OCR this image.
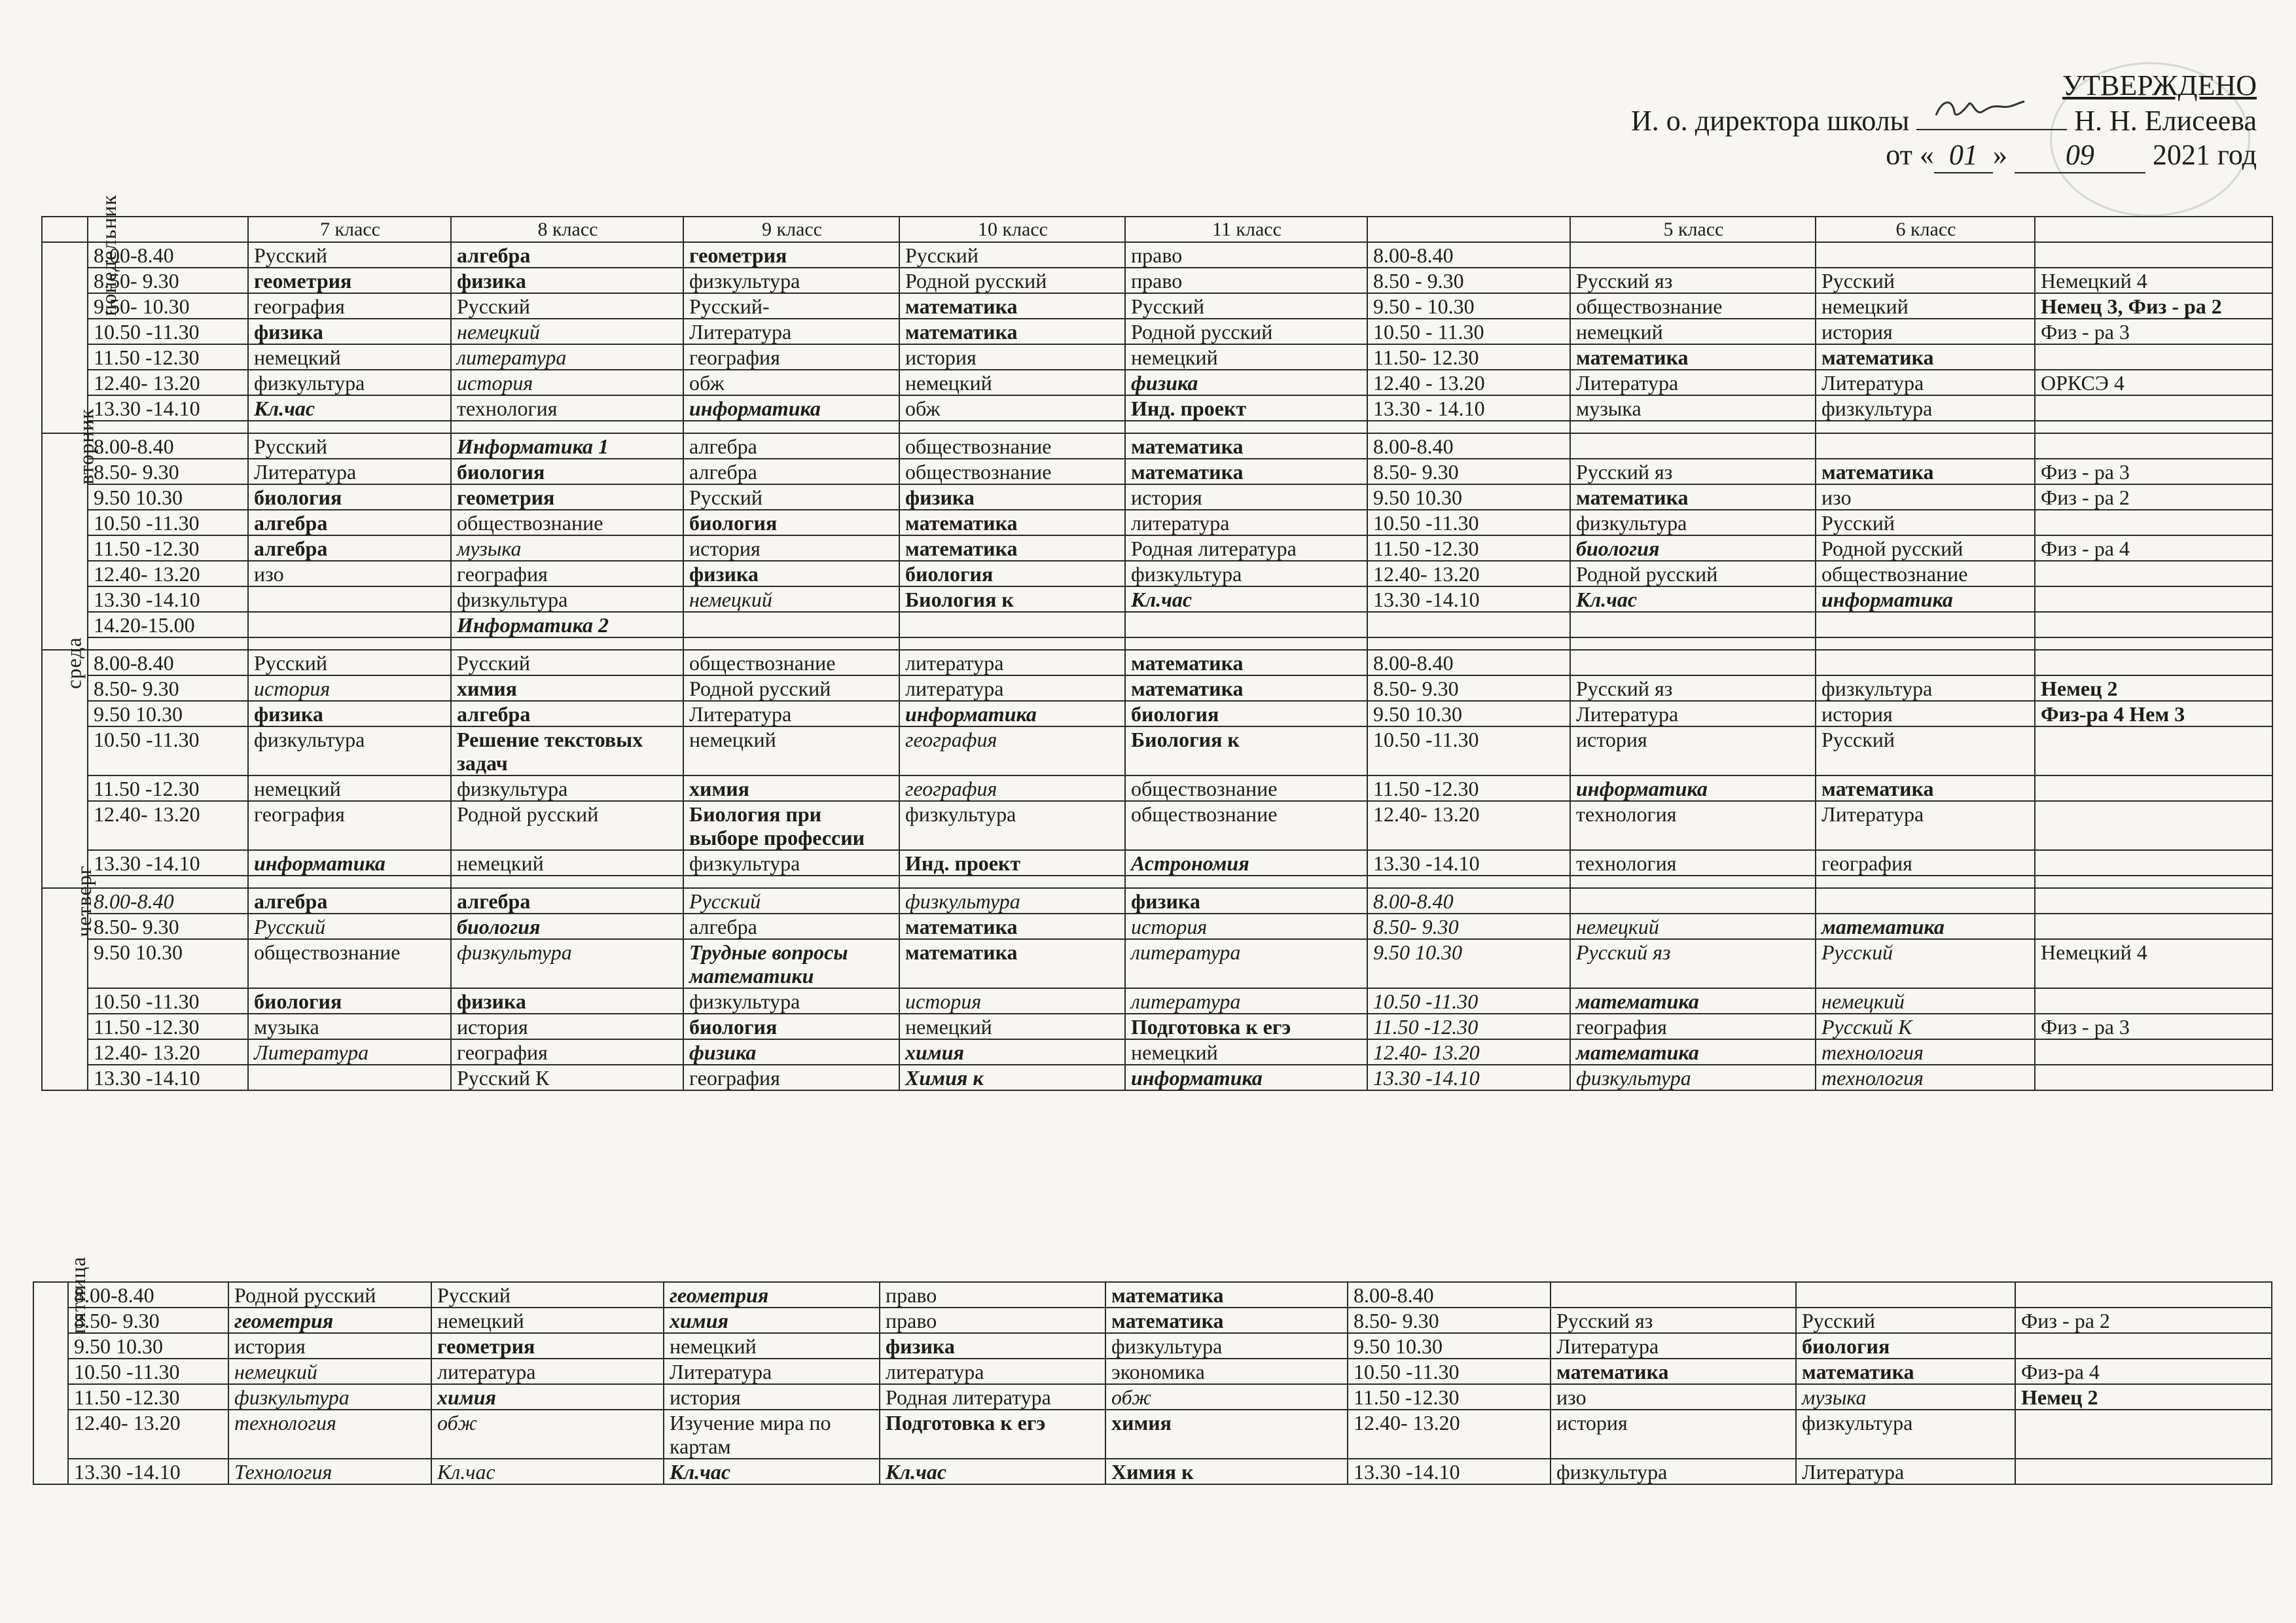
УТВЕРЖДЕНО
И. о. директора школы	Н. Н. Елисеева
от « 01 » 09 2021 год
		7 класс	8 класс	9 класс	10 класс	11 класс		5 класс	6 класс	
понедельник	8.00-8.40	Русский	алгебра	геометрия	Русский	право	8.00-8.40			
	8.50- 9.30	геометрия	физика	физкультура	Родной русский	право	8.50 - 9.30	Русский яз	Русский	Немецкий 4
	9.50- 10.30	география	Русский	Русский-	математика	Русский	9.50 - 10.30	обществознание	немецкий	Немец 3, Физ - ра 2
	10.50 -11.30	физика	немецкий	Литература	математика	Родной русский	10.50 - 11.30	немецкий	история	Физ - ра 3
	11.50 -12.30	немецкий	литература	география	история	немецкий	11.50- 12.30	математика	математика	
	12.40- 13.20	физкультура	история	обж	немецкий	физика	12.40 - 13.20	Литература	Литература	ОРКСЭ 4
	13.30 -14.10	Кл.час	технология	информатика	обж	Инд. проект	13.30 - 14.10	музыка	физкультура	

вторник	8.00-8.40	Русский	Информатика 1	алгебра	обществознание	математика	8.00-8.40			
	8.50- 9.30	Литература	биология	алгебра	обществознание	математика	8.50- 9.30	Русский яз	математика	Физ - ра 3
	9.50 10.30	биология	геометрия	Русский	физика	история	9.50 10.30	математика	изо	Физ - ра 2
	10.50 -11.30	алгебра	обществознание	биология	математика	литература	10.50 -11.30	физкультура	Русский	
	11.50 -12.30	алгебра	музыка	история	математика	Родная литература	11.50 -12.30	биология	Родной русский	Физ - ра 4
	12.40- 13.20	изо	география	физика	биология	физкультура	12.40- 13.20	Родной русский	обществознание	
	13.30 -14.10		физкультура	немецкий	Биология к	Кл.час	13.30 -14.10	Кл.час	информатика	
	14.20-15.00		Информатика 2							

среда	8.00-8.40	Русский	Русский	обществознание	литература	математика	8.00-8.40			
	8.50- 9.30	история	химия	Родной русский	литература	математика	8.50- 9.30	Русский яз	физкультура	Немец 2
	9.50 10.30	физика	алгебра	Литература	информатика	биология	9.50 10.30	Литература	история	Физ-ра 4 Нем 3
	10.50 -11.30	физкультура	Решение текстовых задач	немецкий	география	Биология к	10.50 -11.30	история	Русский	
	11.50 -12.30	немецкий	физкультура	химия	география	обществознание	11.50 -12.30	информатика	математика	
	12.40- 13.20	география	Родной русский	Биология при выборе профессии	физкультура	обществознание	12.40- 13.20	технология	Литература	
	13.30 -14.10	информатика	немецкий	физкультура	Инд. проект	Астрономия	13.30 -14.10	технология	география	

четверг	8.00-8.40	алгебра	алгебра	Русский	физкультура	физика	8.00-8.40			
	8.50- 9.30	Русский	биология	алгебра	математика	история	8.50- 9.30	немецкий	математика	
	9.50 10.30	обществознание	физкультура	Трудные вопросы математики	математика	литература	9.50 10.30	Русский яз	Русский	Немецкий 4
	10.50 -11.30	биология	физика	физкультура	история	литература	10.50 -11.30	математика	немецкий	
	11.50 -12.30	музыка	история	биология	немецкий	Подготовка к егэ	11.50 -12.30	география	Русский К	Физ - ра 3
	12.40- 13.20	Литература	география	физика	химия	немецкий	12.40- 13.20	математика	технология	
	13.30 -14.10		Русский К	география	Химия к	информатика	13.30 -14.10	физкультура	технология	
пятница	8.00-8.40	Родной русский	Русский	геометрия	право	математика	8.00-8.40			
	8.50- 9.30	геометрия	немецкий	химия	право	математика	8.50- 9.30	Русский яз	Русский	Физ - ра 2
	9.50 10.30	история	геометрия	немецкий	физика	физкультура	9.50 10.30	Литература	биология	
	10.50 -11.30	немецкий	литература	Литература	литература	экономика	10.50 -11.30	математика	математика	Физ-ра 4
	11.50 -12.30	физкультура	химия	история	Родная литература	обж	11.50 -12.30	изо	музыка	Немец 2
	12.40- 13.20	технология	обж	Изучение мира по картам	Подготовка к егэ	химия	12.40- 13.20	история	физкультура	
	13.30 -14.10	Технология	Кл.час	Кл.час	Кл.час	Химия к	13.30 -14.10	физкультура	Литература	
